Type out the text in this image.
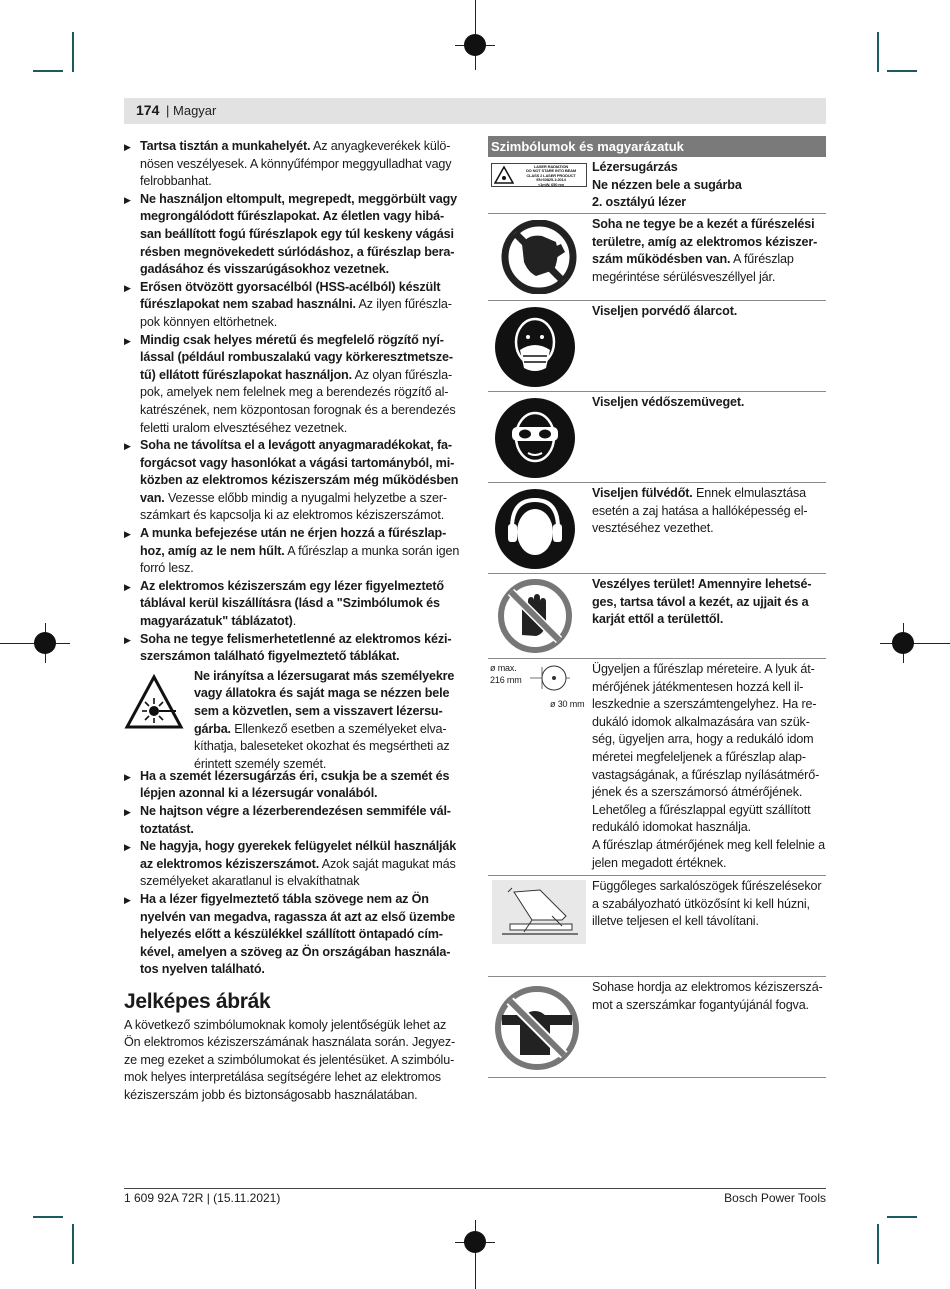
174 | Magyar

▶ Tartsa tisztán a munkahelyét. Az anyagkeverékek különösen veszélyesek. A könnyűfémpor meggyulladhat vagy felrobbanhat.

▶ Ne használjon eltompult, megrepedt, meggörbült vagy megrongálódott fűrészlapokat. Az életlen vagy hibásan beállított fogú fűrészlapok egy túl keskeny vágási résben megnövekedett súrlódáshoz, a fűrészlap beragadásához és visszarúgásokhoz vezetnek.

▶ Erősen ötvözött gyorsacélból (HSS-acélból) készült fűrészlapokat nem szabad használni. Az ilyen fűrészlapok könnyen eltörhetnek.

▶ Mindig csak helyes méretű és megfelelő rögzítő nyílással (például rombuszalakú vagy körkeresztmetszetű) ellátott fűrészlapokat használjon. Az olyan fűrészlapok, amelyek nem felelnek meg a berendezés rögzítő alkatrészének, nem központosan forognak és a berendezés feletti uralom elvesztéséhez vezetnek.

▶ Soha ne távolítsa el a levágott anyagmaradékokat, faforgácsot vagy hasonlókat a vágási tartományból, miközben az elektromos kéziszerszám még működésben van. Vezesse előbb mindig a nyugalmi helyzetbe a szerszámkart és kapcsolja ki az elektromos kéziszerszámot.

▶ A munka befejezése után ne érjen hozzá a fűrészlaphoz, amíg az le nem hűlt. A fűrészlap a munka során igen forró lesz.

▶ Az elektromos kéziszerszám egy lézer figyelmeztető táblával kerül kiszállításra (lásd a "Szimbólumok és magyarázatuk" táblázatot).

▶ Soha ne tegye felismerhetetlenné az elektromos kéziszerszámon található figyelmeztető táblákat.

Ne irányítsa a lézersugarat más személyekre vagy állatokra és saját maga se nézzen bele sem a közvetlen, sem a visszavert lézersugárba. Ellenkező esetben a személyeket elvakíthatja, baleseteket okozhat és megsértheti az érintett személy szemét.

▶ Ha a szemét lézersugárzás éri, csukja be a szemét és lépjen azonnal ki a lézersugár vonalából.

▶ Ne hajtson végre a lézerberendezésen semmiféle változtatást.

▶ Ne hagyja, hogy gyerekek felügyelet nélkül használják az elektromos kéziszerszámot. Azok saját magukat más személyeket akaratlanul is elvakíthatnak

▶ Ha a lézer figyelmeztető tábla szövege nem az Ön nyelvén van megadva, ragassza át azt az első üzembe helyezés előtt a készülékkel szállított öntapadó címkével, amelyen a szöveg az Ön országában használatos nyelven található.

Jelképes ábrák

A következő szimbólumoknak komoly jelentőségük lehet az Ön elektromos kéziszerszámának használata során. Jegyezze meg ezeket a szimbólumokat és jelentésüket. A szimbólumok helyes interpretálása segítségére lehet az elektromos kéziszerszám jobb és biztonságosabb használatában.

Szimbólumok és magyarázatuk
LASER RADIATION
DO NOT STARE INTO BEAM
CLASS 2 LASER PRODUCT
EN 60825-1:2014
<1mW, 650 nm
Lézersugárzás
Ne nézzen bele a sugárba
2. osztályú lézer
Soha ne tegye be a kezét a fűrészelési területre, amíg az elektromos kéziszerszám működésben van. A fűrészlap megérintése sérülésveszéllyel jár.
Viseljen porvédő álarcot.
Viseljen védőszemüveget.
Viseljen fülvédőt. Ennek elmulasztása esetén a zaj hatása a hallóképesség elvesztéséhez vezethet.
Veszélyes terület! Amennyire lehetséges, tartsa távol a kezét, az ujjait és a karját ettől a területtől.
ø max.
216 mm
ø 30 mm
Ügyeljen a fűrészlap méreteire. A lyuk átmérőjének játékmentesen hozzá kell illeszkednie a szerszámtengelyhez. Ha redukáló idomok alkalmazására van szükség, ügyeljen arra, hogy a redukáló idom méretei megfeleljenek a fűrészlap alapvastagságának, a fűrészlap nyílásátmérőjének és a szerszámorsó átmérőjének. Lehetőleg a fűrészlappal együtt szállított redukáló idomokat használja.
A fűrészlap átmérőjének meg kell felelnie a jelen megadott értéknek.
Függőleges sarkalószögek fűrészelésekor a szabályozható ütközősínt ki kell húzni, illetve teljesen el kell távolítani.
Sohase hordja az elektromos kéziszerszámot a szerszámkar fogantyújánál fogva.
1 609 92A 72R | (15.11.2021)	Bosch Power Tools
